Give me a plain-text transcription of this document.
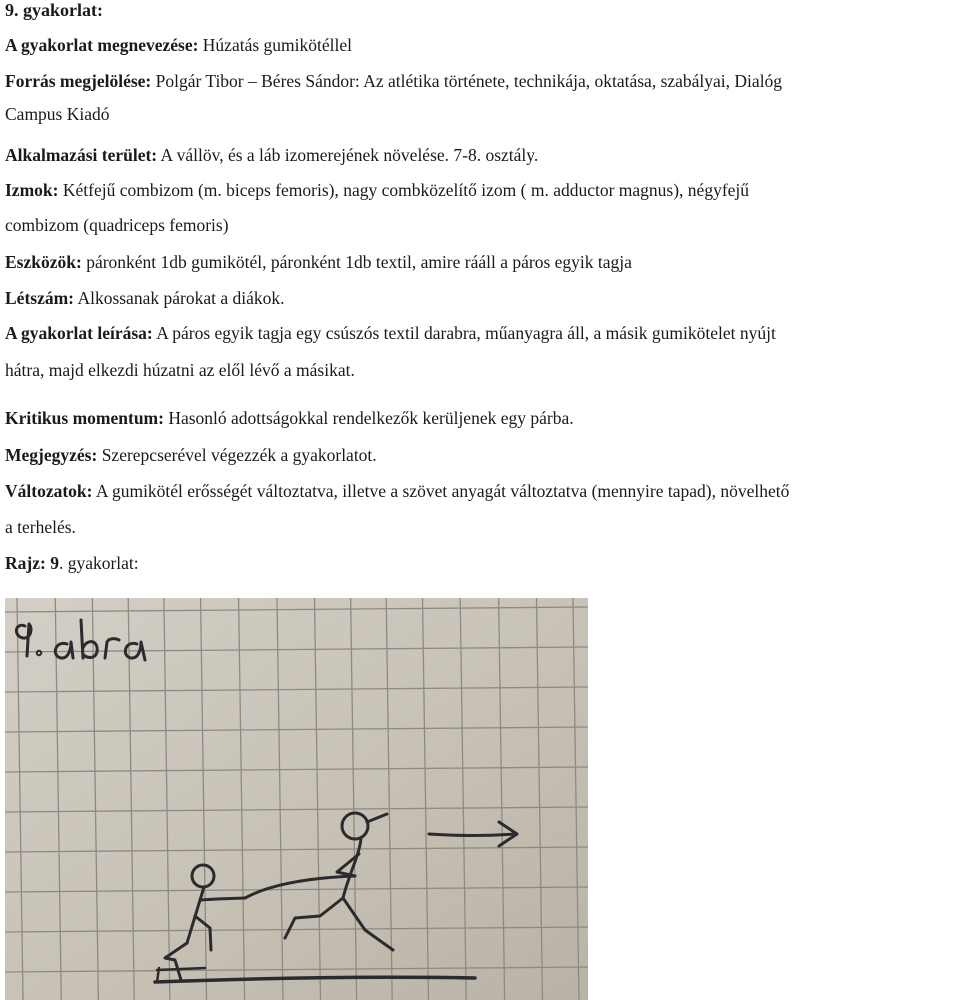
9. gyakorlat:
A gyakorlat megnevezése: Húzatás gumikötéllel
Forrás megjelölése: Polgár Tibor – Béres Sándor: Az atlétika története, technikája, oktatása, szabályai, Dialóg
Campus Kiadó
Alkalmazási terület: A vállöv, és a láb izomerejének növelése. 7-8. osztály.
Izmok: Kétfejű combizom (m. biceps femoris), nagy combközelítő izom ( m. adductor magnus), négyfejű
combizom (quadriceps femoris)
Eszközök: páronként 1db gumikötél, páronként 1db textil, amire rááll a páros egyik tagja
Létszám: Alkossanak párokat a diákok.
A gyakorlat leírása: A páros egyik tagja egy csúszós textil darabra, műanyagra áll, a másik gumikötelet nyújt
hátra, majd elkezdi húzatni az elől lévő a másikat.
Kritikus momentum: Hasonló adottságokkal rendelkezők kerüljenek egy párba.
Megjegyzés: Szerepcserével végezzék a gyakorlatot.
Változatok: A gumikötél erősségét változtatva, illetve a szövet anyagát változtatva (mennyire tapad), növelhető
a terhelés.
Rajz: 9. gyakorlat:
